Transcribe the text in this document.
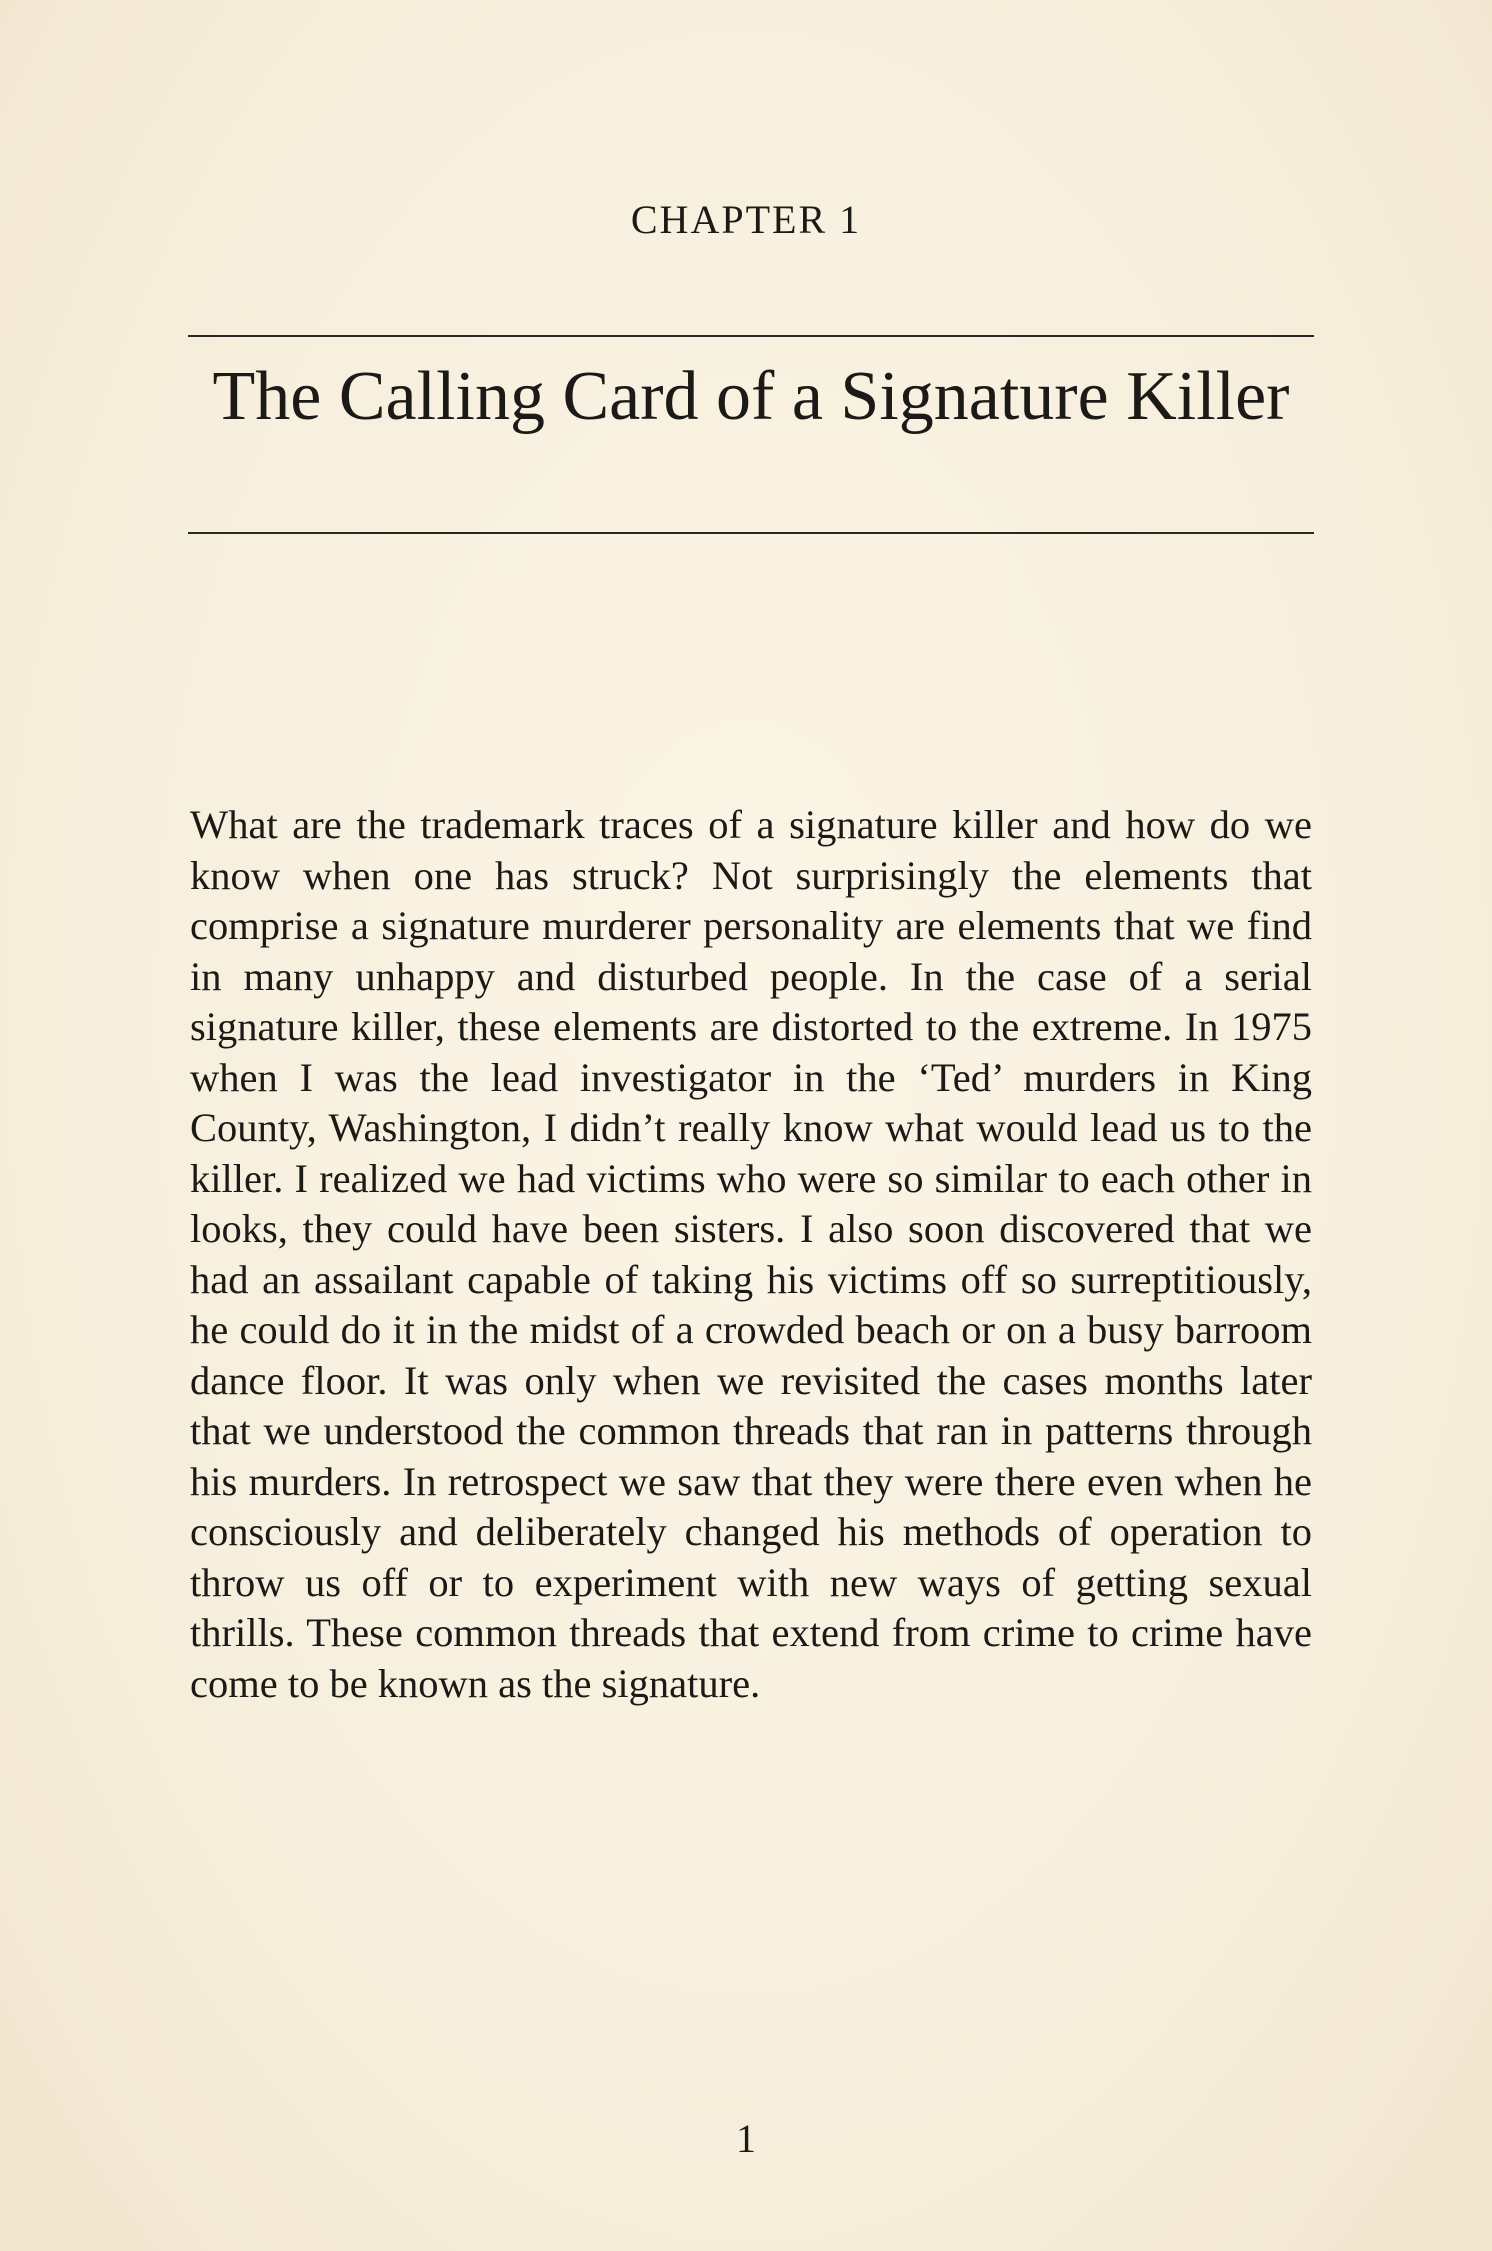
CHAPTER 1
The Calling Card of a Signature Killer

What are the trademark traces of a signature killer and how do we know when one has struck? Not surprisingly the elements that comprise a signature murderer personality are elements that we find in many unhappy and disturbed people. In the case of a serial signature killer, these elements are distorted to the extreme. In 1975 when I was the lead investigator in the ‘Ted’ murders in King County, Washington, I didn’t really know what would lead us to the killer. I realized we had victims who were so similar to each other in looks, they could have been sisters. I also soon discovered that we had an assailant capable of taking his victims off so surreptitiously, he could do it in the midst of a crowded beach or on a busy barroom dance floor. It was only when we revisited the cases months later that we understood the common threads that ran in patterns through his murders. In retrospect we saw that they were there even when he consciously and deliberately changed his methods of operation to throw us off or to experiment with new ways of getting sexual thrills. These common threads that extend from crime to crime have come to be known as the signature.

1
